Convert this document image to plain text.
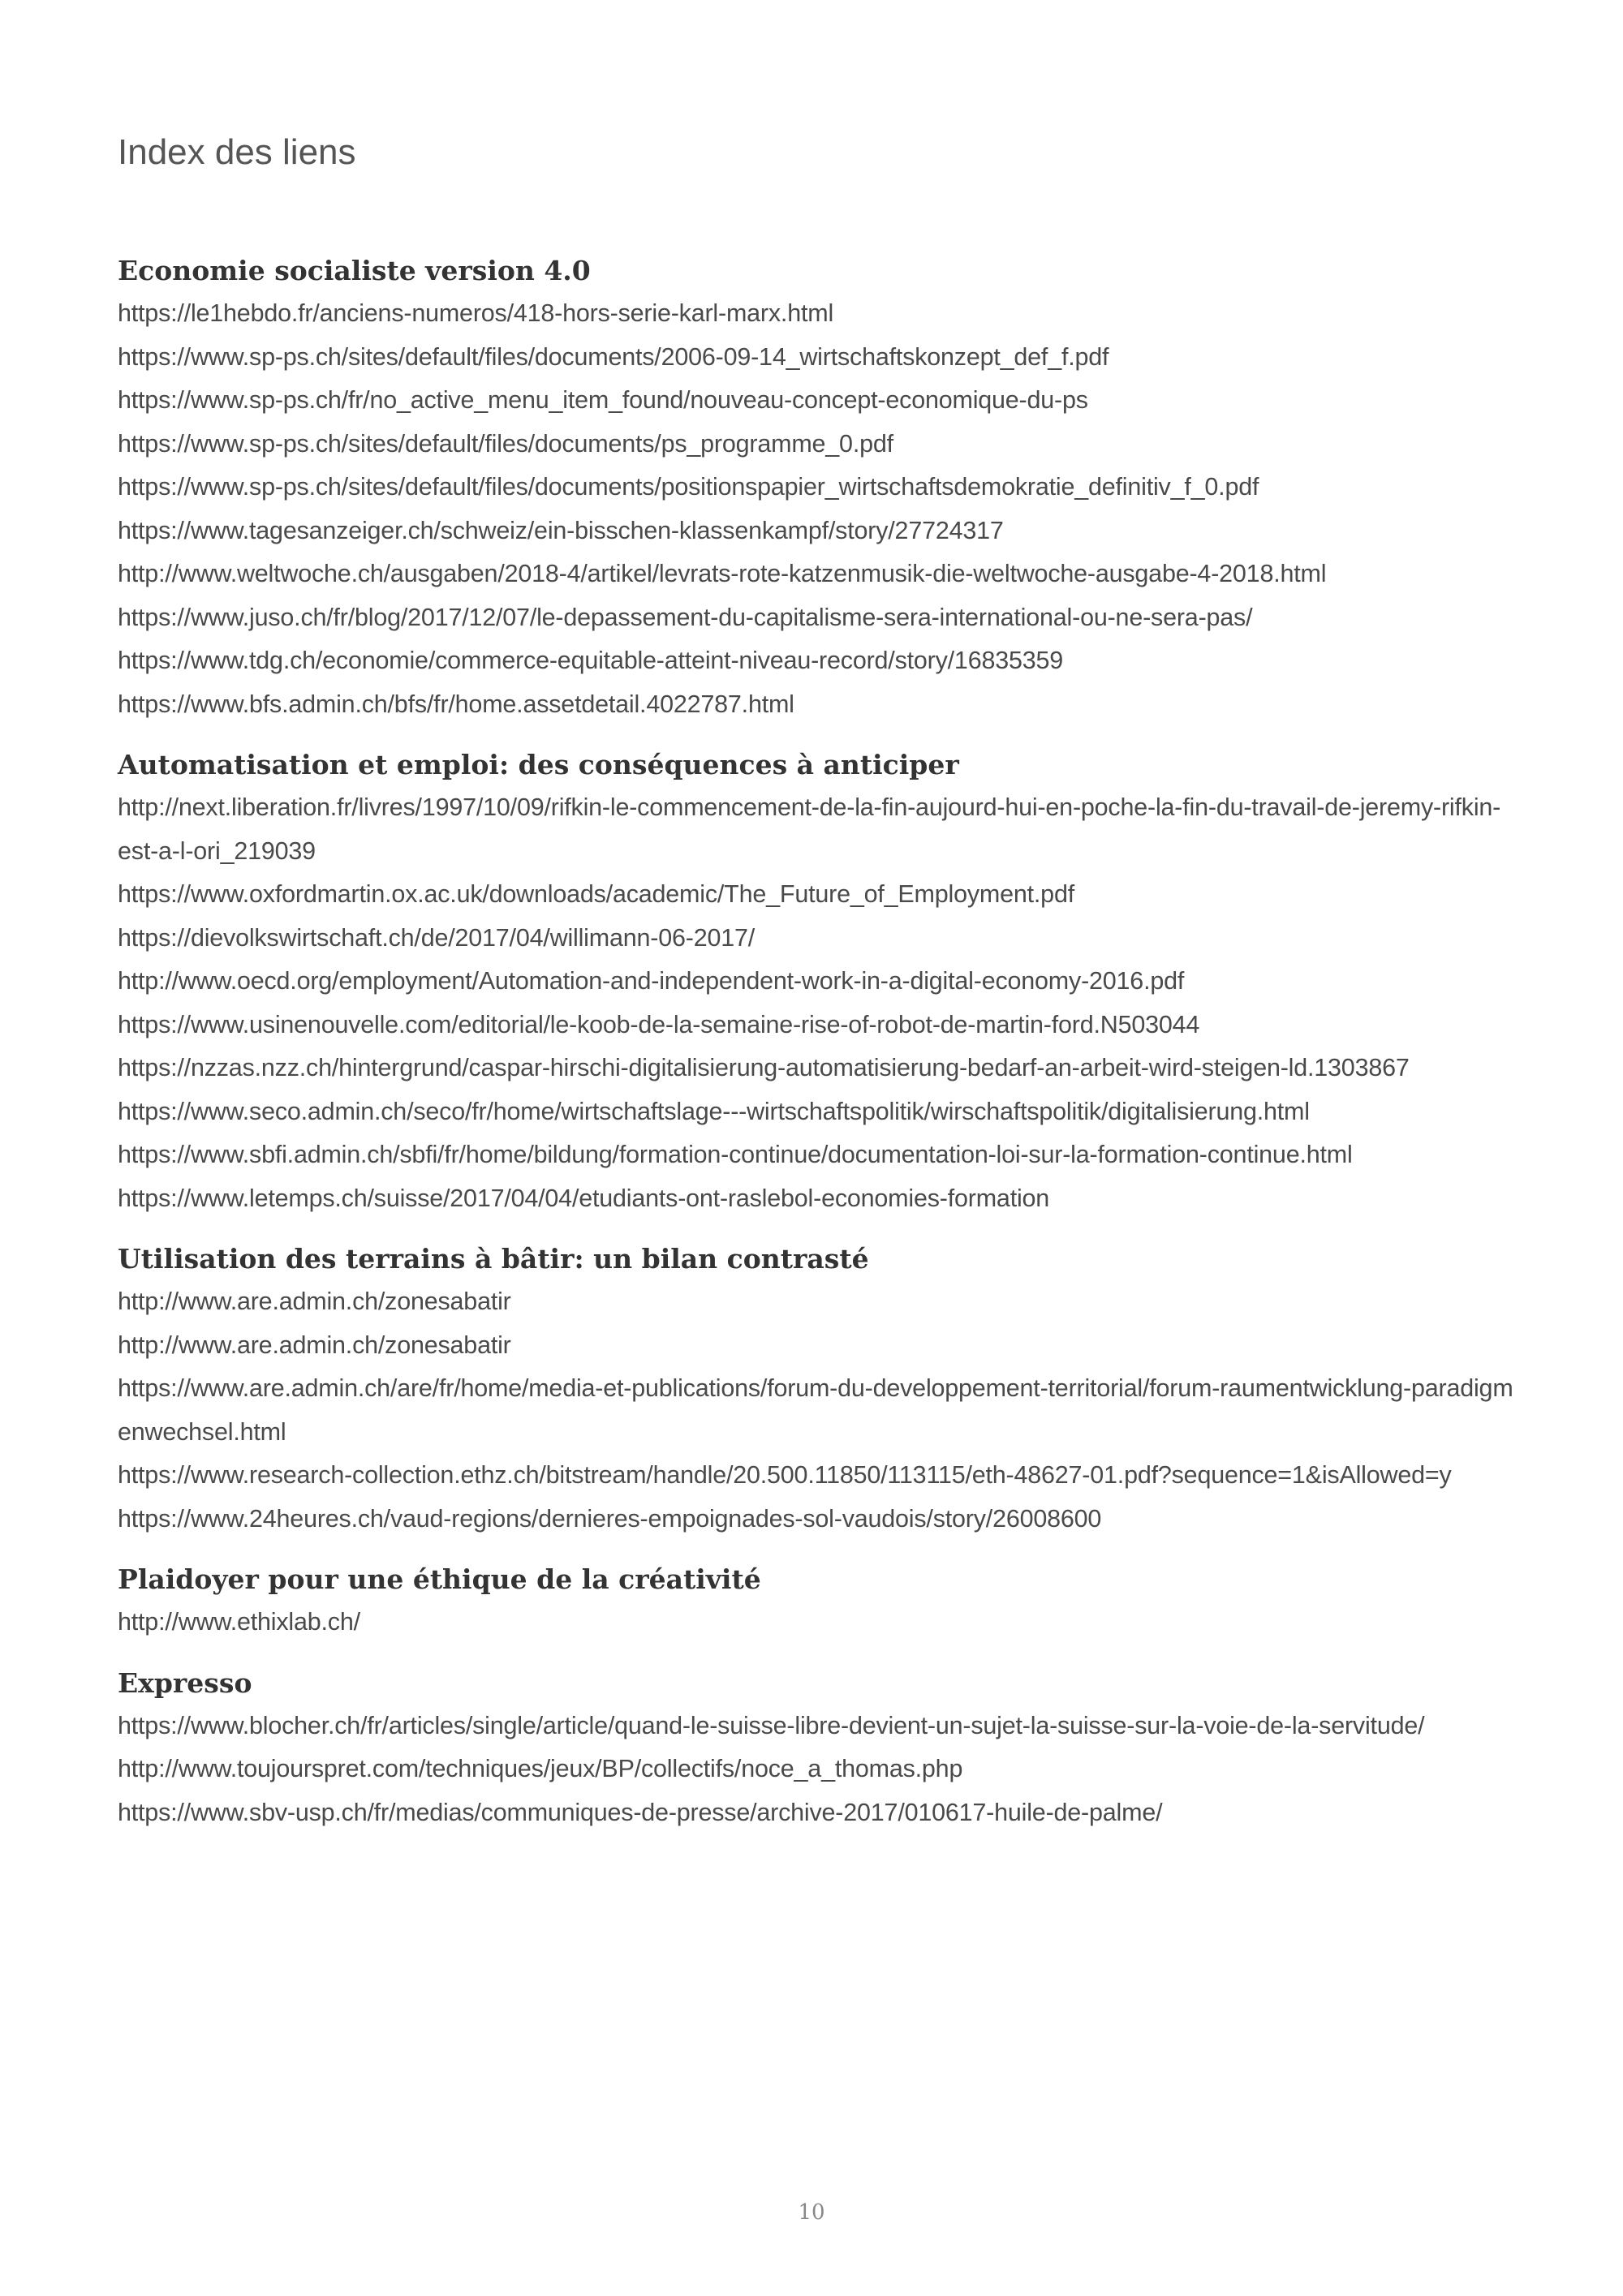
Index des liens
Economie socialiste version 4.0
https://le1hebdo.fr/anciens-numeros/418-hors-serie-karl-marx.html
https://www.sp-ps.ch/sites/default/files/documents/2006-09-14_wirtschaftskonzept_def_f.pdf
https://www.sp-ps.ch/fr/no_active_menu_item_found/nouveau-concept-economique-du-ps
https://www.sp-ps.ch/sites/default/files/documents/ps_programme_0.pdf
https://www.sp-ps.ch/sites/default/files/documents/positionspapier_wirtschaftsdemokratie_definitiv_f_0.pdf
https://www.tagesanzeiger.ch/schweiz/ein-bisschen-klassenkampf/story/27724317
http://www.weltwoche.ch/ausgaben/2018-4/artikel/levrats-rote-katzenmusik-die-weltwoche-ausgabe-4-2018.html
https://www.juso.ch/fr/blog/2017/12/07/le-depassement-du-capitalisme-sera-international-ou-ne-sera-pas/
https://www.tdg.ch/economie/commerce-equitable-atteint-niveau-record/story/16835359
https://www.bfs.admin.ch/bfs/fr/home.assetdetail.4022787.html
Automatisation et emploi: des conséquences à anticiper
http://next.liberation.fr/livres/1997/10/09/rifkin-le-commencement-de-la-fin-aujourd-hui-en-poche-la-fin-du-travail-de-jeremy-rifkin-est-a-l-ori_219039
https://www.oxfordmartin.ox.ac.uk/downloads/academic/The_Future_of_Employment.pdf
https://dievolkswirtschaft.ch/de/2017/04/willimann-06-2017/
http://www.oecd.org/employment/Automation-and-independent-work-in-a-digital-economy-2016.pdf
https://www.usinenouvelle.com/editorial/le-koob-de-la-semaine-rise-of-robot-de-martin-ford.N503044
https://nzzas.nzz.ch/hintergrund/caspar-hirschi-digitalisierung-automatisierung-bedarf-an-arbeit-wird-steigen-ld.1303867
https://www.seco.admin.ch/seco/fr/home/wirtschaftslage---wirtschaftspolitik/wirschaftspolitik/digitalisierung.html
https://www.sbfi.admin.ch/sbfi/fr/home/bildung/formation-continue/documentation-loi-sur-la-formation-continue.html
https://www.letemps.ch/suisse/2017/04/04/etudiants-ont-raslebol-economies-formation
Utilisation des terrains à bâtir: un bilan contrasté
http://www.are.admin.ch/zonesabatir
http://www.are.admin.ch/zonesabatir
https://www.are.admin.ch/are/fr/home/media-et-publications/forum-du-developpement-territorial/forum-raumentwicklung-paradigmenwechsel.html
https://www.research-collection.ethz.ch/bitstream/handle/20.500.11850/113115/eth-48627-01.pdf?sequence=1&isAllowed=y
https://www.24heures.ch/vaud-regions/dernieres-empoignades-sol-vaudois/story/26008600
Plaidoyer pour une éthique de la créativité
http://www.ethixlab.ch/
Expresso
https://www.blocher.ch/fr/articles/single/article/quand-le-suisse-libre-devient-un-sujet-la-suisse-sur-la-voie-de-la-servitude/
http://www.toujourspret.com/techniques/jeux/BP/collectifs/noce_a_thomas.php
https://www.sbv-usp.ch/fr/medias/communiques-de-presse/archive-2017/010617-huile-de-palme/
10
